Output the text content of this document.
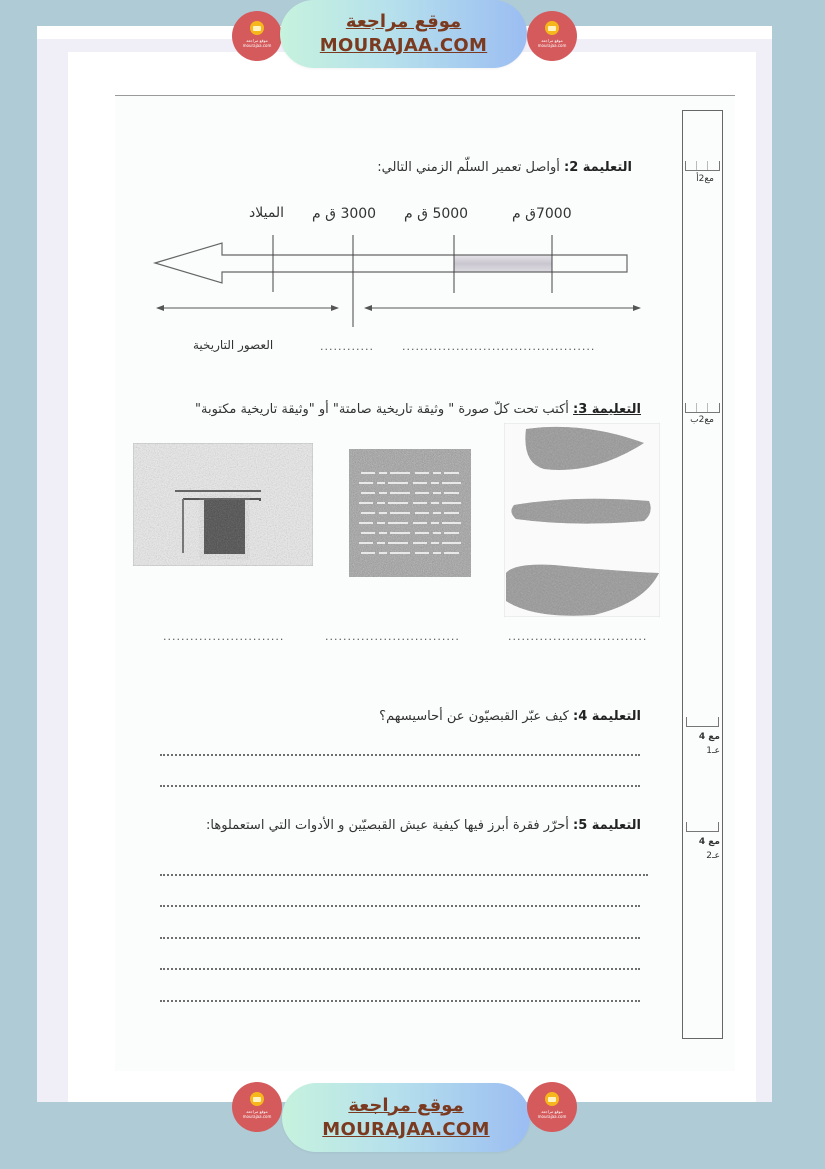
موقع مراجعة
mourajaa.com
موقع مراجعة
MOURAJAA.COM	موقع مراجعة
mourajaa.com
مع2أ
مع2ب
مع 4
عـ1
مع 4
عـ2
التعليمة 2: أواصل تعمير السلّم الزمني التالي:
الميلاد 3000 ق م 5000 ق م	7000ق م
العصور التاريخية	............	...........................................
التعليمة 3: أكتب تحت كلّ صورة " وثيقة تاريخية صامتة" أو "وثيقة تاريخية مكتوبة"
...........................	..............................	...............................
التعليمة 4: كيف عبّر القبصيّون عن أحاسيسهم؟
التعليمة 5: أحرّر فقرة أبرز فيها كيفية عيش القبصيّين و الأدوات التي استعملوها:
موقع مراجعة
mourajaa.com
موقع مراجعة
MOURAJAA.COM
موقع مراجعة
mourajaa.com
